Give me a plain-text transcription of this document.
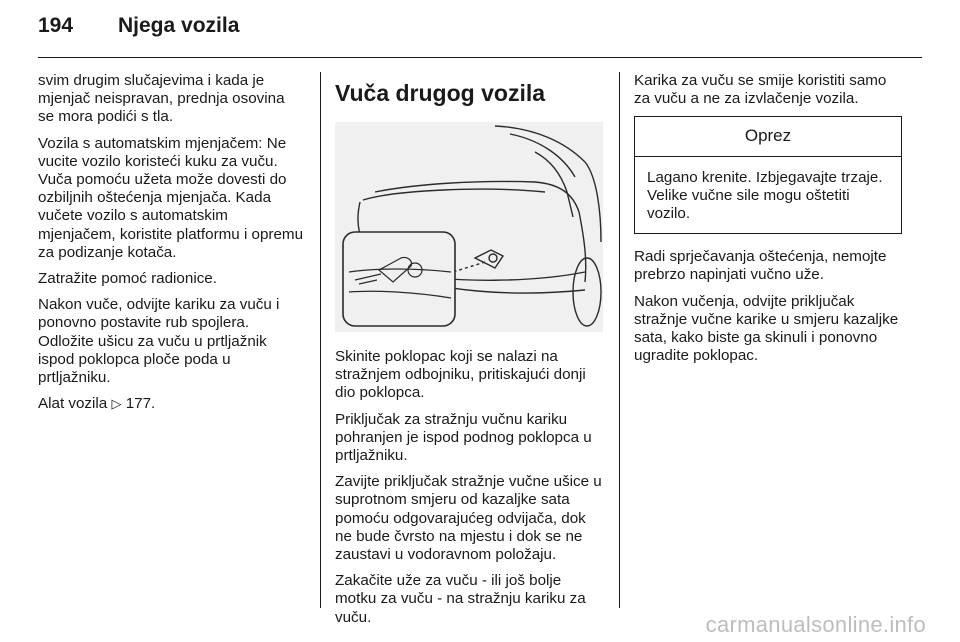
194	Njega vozila

svim drugim slučajevima i kada je mjenjač neispravan, prednja osovina se mora podići s tla.

Vozila s automatskim mjenjačem: Ne vucite vozilo koristeći kuku za vuču. Vuča pomoću užeta može dovesti do ozbiljnih oštećenja mjenjača. Kada vučete vozilo s automatskim mjenjačem, koristite platformu i opremu za podizanje kotača.

Zatražite pomoć radionice.

Nakon vuče, odvijte kariku za vuču i ponovno postavite rub spojlera. Odložite ušicu za vuču u prtljažnik ispod poklopca ploče poda u prtljažniku.

Alat vozila ▷ 177.

Vuča drugog vozila

Skinite poklopac koji se nalazi na stražnjem odbojniku, pritiskajući donji dio poklopca.

Priključak za stražnju vučnu kariku pohranjen je ispod podnog poklopca u prtljažniku.

Zavijte priključak stražnje vučne ušice u suprotnom smjeru od kazaljke sata pomoću odgovarajućeg odvijača, dok ne bude čvrsto na mjestu i dok se ne zaustavi u vodoravnom položaju.

Zakačite uže za vuču - ili još bolje motku za vuču - na stražnju kariku za vuču.

Karika za vuču se smije koristiti samo za vuču a ne za izvlačenje vozila.

Oprez
Lagano krenite. Izbjegavajte trzaje. Velike vučne sile mogu oštetiti vozilo.

Radi sprječavanja oštećenja, nemojte prebrzo napinjati vučno uže.

Nakon vučenja, odvijte priključak stražnje vučne karike u smjeru kazaljke sata, kako biste ga skinuli i ponovno ugradite poklopac.

carmanualsonline.info
